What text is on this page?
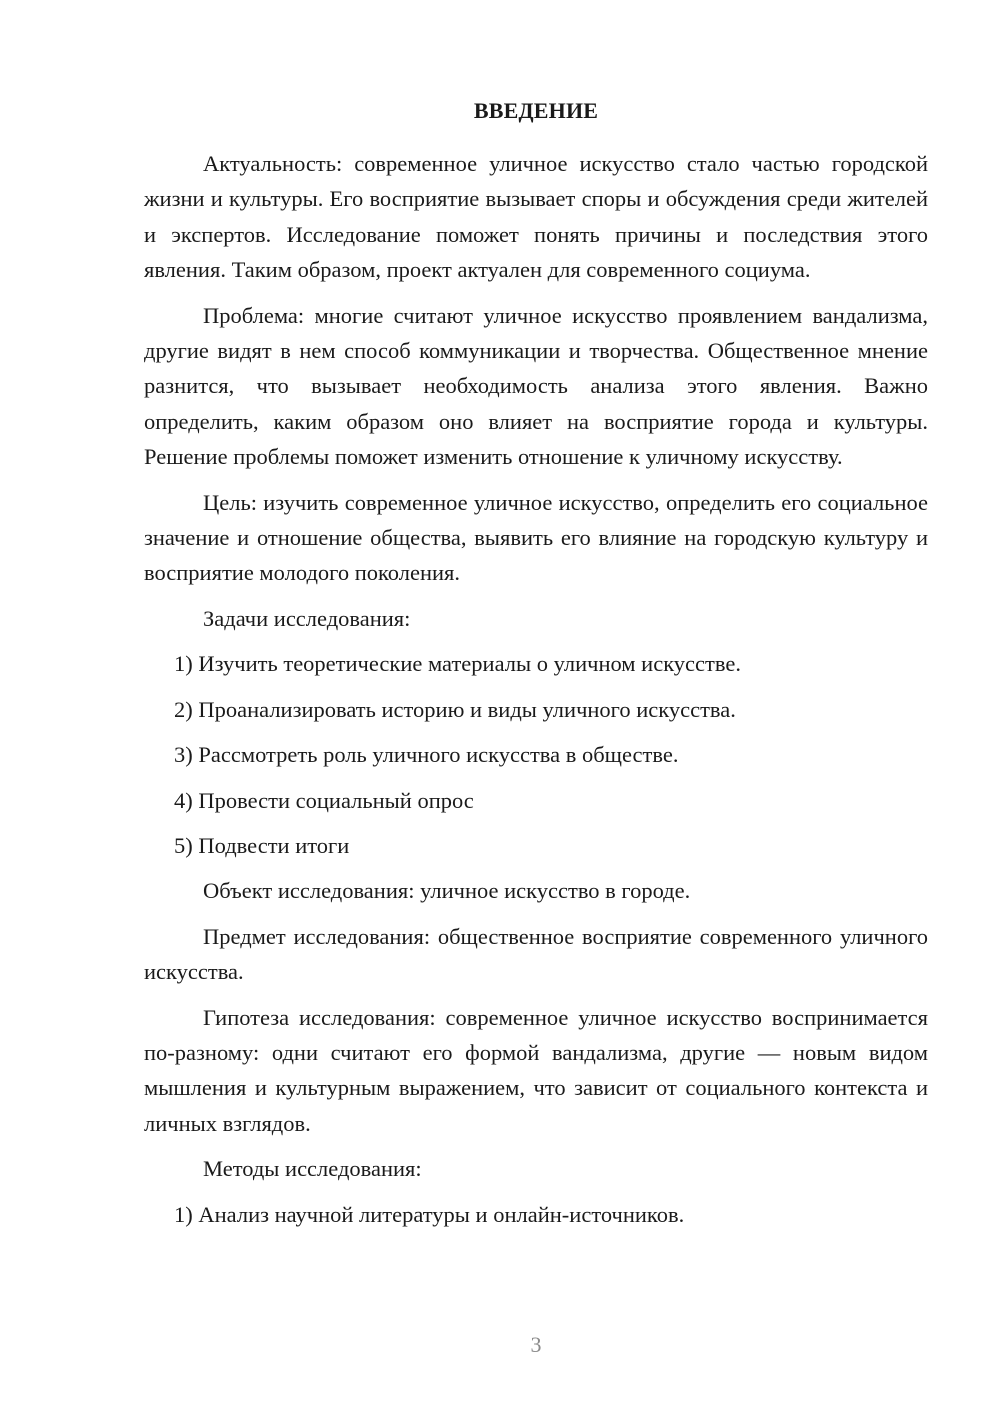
ВВЕДЕНИЕ

Актуальность: современное уличное искусство стало частью городской жизни и культуры. Его восприятие вызывает споры и обсуждения среди жителей и экспертов. Исследование поможет понять причины и последствия этого явления. Таким образом, проект актуален для современного социума.

Проблема: многие считают уличное искусство проявлением вандализма, другие видят в нем способ коммуникации и творчества. Общественное мнение разнится, что вызывает необходимость анализа этого явления. Важно определить, каким образом оно влияет на восприятие города и культуры. Решение проблемы поможет изменить отношение к уличному искусству.

Цель: изучить современное уличное искусство, определить его социальное значение и отношение общества, выявить его влияние на городскую культуру и восприятие молодого поколения.

Задачи исследования:

1) Изучить теоретические материалы о уличном искусстве.

2) Проанализировать историю и виды уличного искусства.

3) Рассмотреть роль уличного искусства в обществе.

4) Провести социальный опрос

5) Подвести итоги

Объект исследования: уличное искусство в городе.

Предмет исследования: общественное восприятие современного уличного искусства.

Гипотеза исследования: современное уличное искусство воспринимается по-разному: одни считают его формой вандализма, другие — новым видом мышления и культурным выражением, что зависит от социального контекста и личных взглядов.

Методы исследования:

1) Анализ научной литературы и онлайн-источников.

3
